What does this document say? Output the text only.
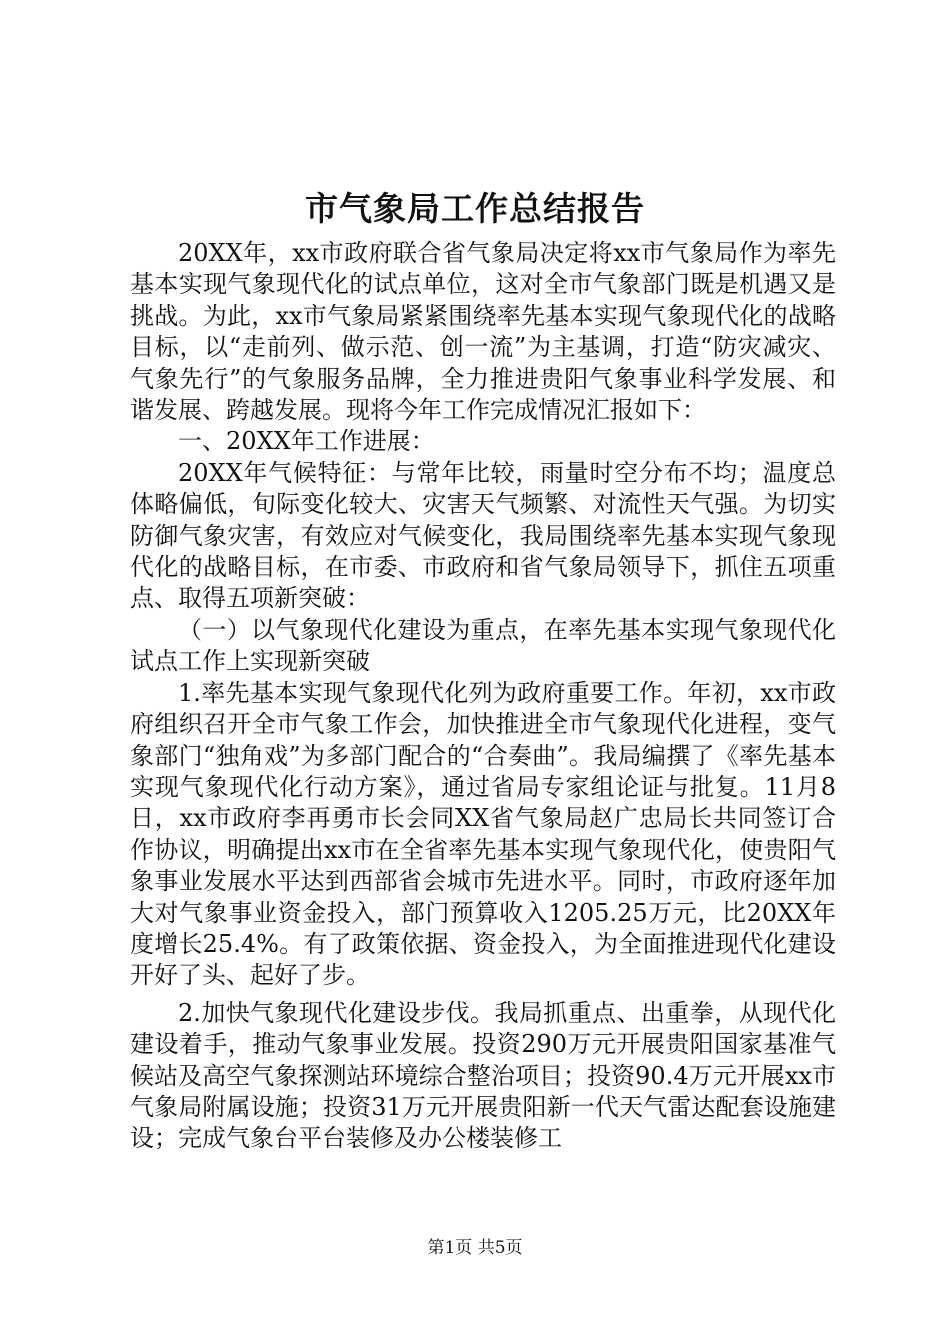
市气象局工作总结报告

20XX年，xx市政府联合省气象局决定将xx市气象局作为率先基本实现气象现代化的试点单位，这对全市气象部门既是机遇又是挑战。为此，xx市气象局紧紧围绕率先基本实现气象现代化的战略目标，以“走前列、做示范、创一流”为主基调，打造“防灾减灾、气象先行”的气象服务品牌，全力推进贵阳气象事业科学发展、和谐发展、跨越发展。现将今年工作完成情况汇报如下：

一、20XX年工作进展：

20XX年气候特征：与常年比较，雨量时空分布不均；温度总体略偏低，旬际变化较大、灾害天气频繁、对流性天气强。为切实防御气象灾害，有效应对气候变化，我局围绕率先基本实现气象现代化的战略目标，在市委、市政府和省气象局领导下，抓住五项重点、取得五项新突破：

（一）以气象现代化建设为重点，在率先基本实现气象现代化试点工作上实现新突破

1.率先基本实现气象现代化列为政府重要工作。年初，xx市政府组织召开全市气象工作会，加快推进全市气象现代化进程，变气象部门“独角戏”为多部门配合的“合奏曲”。我局编撰了《率先基本实现气象现代化行动方案》，通过省局专家组论证与批复。11月8日，xx市政府李再勇市长会同XX省气象局赵广忠局长共同签订合作协议，明确提出xx市在全省率先基本实现气象现代化，使贵阳气象事业发展水平达到西部省会城市先进水平。同时，市政府逐年加大对气象事业资金投入，部门预算收入1205.25万元，比20XX年度增长25.4%。有了政策依据、资金投入，为全面推进现代化建设开好了头、起好了步。

2.加快气象现代化建设步伐。我局抓重点、出重拳，从现代化建设着手，推动气象事业发展。投资290万元开展贵阳国家基准气候站及高空气象探测站环境综合整治项目；投资90.4万元开展xx市气象局附属设施；投资31万元开展贵阳新一代天气雷达配套设施建设；完成气象台平台装修及办公楼装修工

第1页 共5页
